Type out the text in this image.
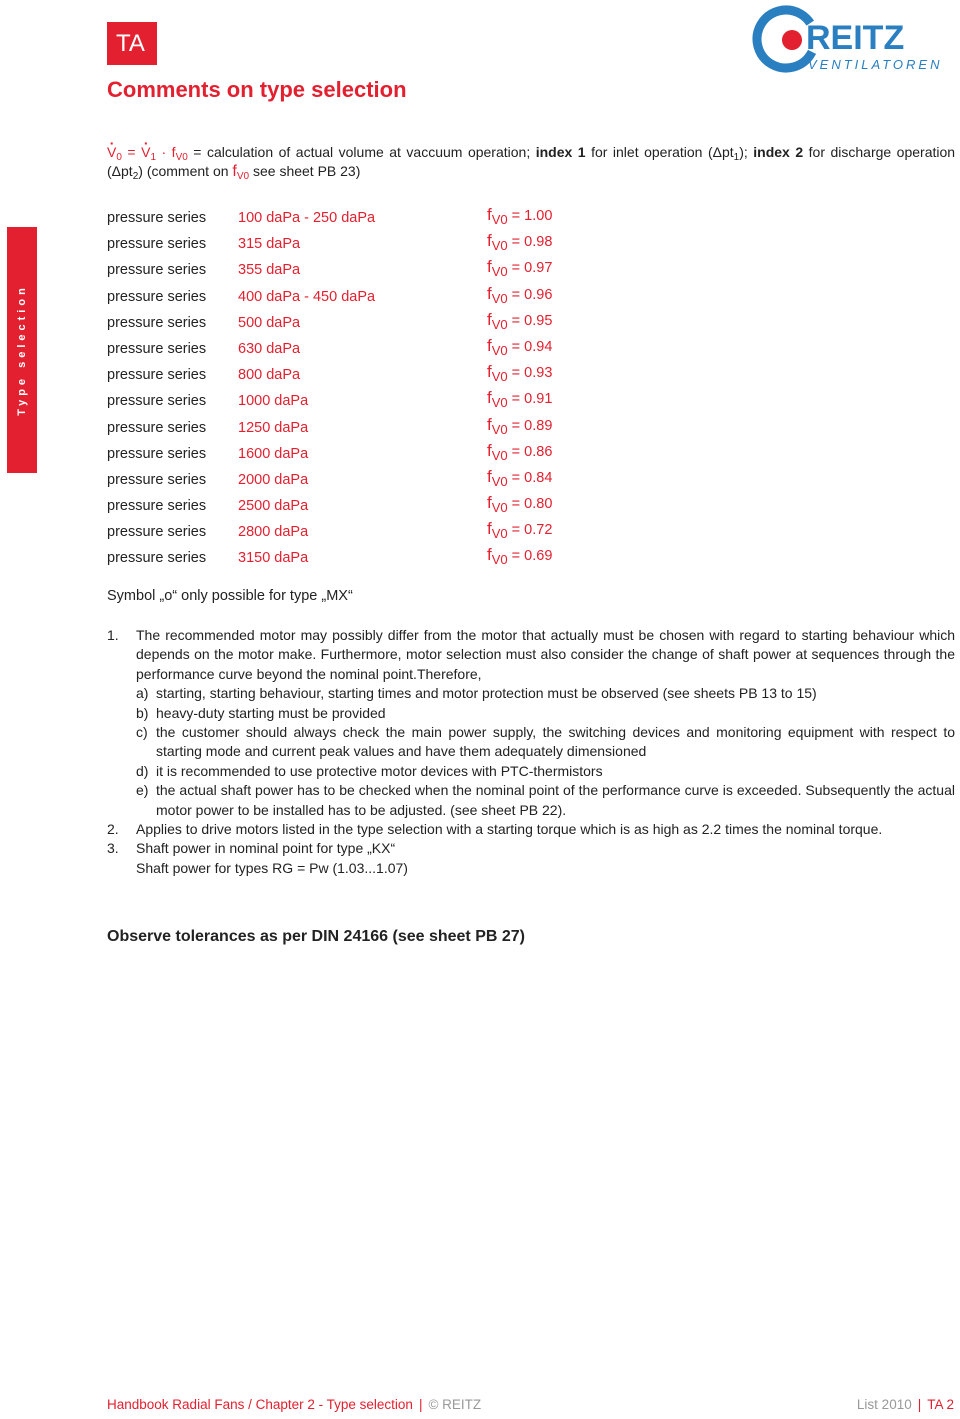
TA	REITZ
VENTILATOREN
Comments on type selection
Type selection
· $V_0$ = · $V_1 \cdot f_{V0}$ = calculation of actual volume at vaccuum operation; index 1 for inlet operation (Δpt$_1$); index 2 for discharge operation (Δpt$_2$) (comment on $f_{V0}$ see sheet PB 23)
pressure series 100 daPa - 250 daPa	fV0 = 1.00
pressure series 315 daPa	fV0 = 0.98
pressure series 355 daPa	fV0 = 0.97
pressure series 400 daPa - 450 daPa	fV0 = 0.96
pressure series 500 daPa	fV0 = 0.95
pressure series 630 daPa	fV0 = 0.94
pressure series 800 daPa	fV0 = 0.93
pressure series 1000 daPa	fV0 = 0.91
pressure series 1250 daPa	fV0 = 0.89
pressure series 1600 daPa	fV0 = 0.86
pressure series 2000 daPa	fV0 = 0.84
pressure series 2500 daPa	fV0 = 0.80
pressure series 2800 daPa	fV0 = 0.72
pressure series 3150 daPa	fV0 = 0.69
Symbol „o“ only possible for type „MX“
1. The recommended motor may possibly differ from the motor that actually must be chosen with regard to starting behaviour which depends on the motor make. Furthermore, motor selection must also consider the change of shaft power at sequences through the performance curve beyond the nominal point.Therefore,
a) starting, starting behaviour, starting times and motor protection must be observed (see sheets PB 13 to 15)
b) heavy-duty starting must be provided
c) the customer should always check the main power supply, the switching devices and monitoring equipment with respect to starting mode and current peak values and have them adequately dimensioned
d) it is recommended to use protective motor devices with PTC-thermistors
e) the actual shaft power has to be checked when the nominal point of the performance curve is exceeded. Subsequently the actual motor power to be installed has to be adjusted. (see sheet PB 22).
2. Applies to drive motors listed in the type selection with a starting torque which is as high as 2.2 times the nominal torque.
3. Shaft power in nominal point for type „KX“
Shaft power for types RG = Pw (1.03...1.07)
Observe tolerances as per DIN 24166 (see sheet PB 27)
Handbook Radial Fans / Chapter 2 - Type selection | © REITZ	List 2010 | TA 2
